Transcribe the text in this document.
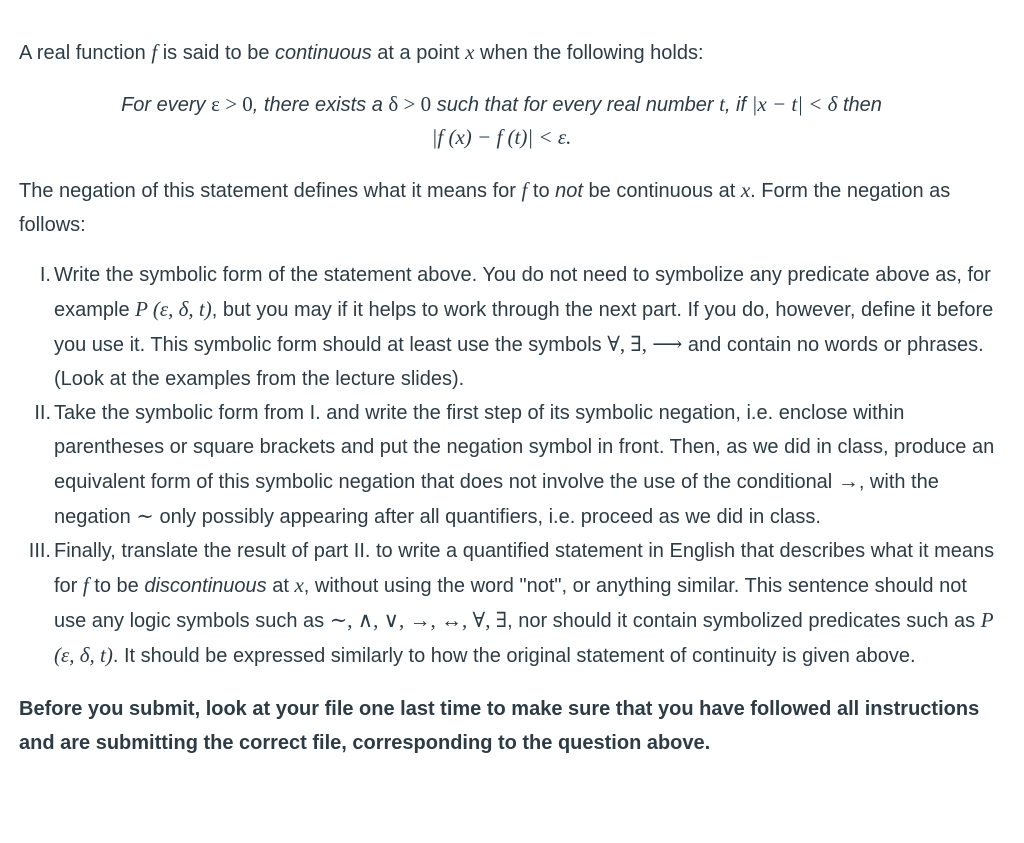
A real function f is said to be continuous at a point x when the following holds:

For every ε > 0, there exists a δ > 0 such that for every real number t, if |x − t| < δ then
|f (x) − f (t)| < ε.

The negation of this statement defines what it means for f to not be continuous at x. Form the negation as follows:

I. Write the symbolic form of the statement above. You do not need to symbolize any predicate above as, for example P (ε, δ, t), but you may if it helps to work through the next part. If you do, however, define it before you use it. This symbolic form should at least use the symbols ∀, ∃, ⟶ and contain no words or phrases. (Look at the examples from the lecture slides).
II. Take the symbolic form from I. and write the first step of its symbolic negation, i.e. enclose within parentheses or square brackets and put the negation symbol in front. Then, as we did in class, produce an equivalent form of this symbolic negation that does not involve the use of the conditional →, with the negation ∼ only possibly appearing after all quantifiers, i.e. proceed as we did in class.
III. Finally, translate the result of part II. to write a quantified statement in English that describes what it means for f to be discontinuous at x, without using the word "not", or anything similar. This sentence should not use any logic symbols such as ∼, ∧, ∨, →, ↔, ∀, ∃, nor should it contain symbolized predicates such as P (ε, δ, t). It should be expressed similarly to how the original statement of continuity is given above.

Before you submit, look at your file one last time to make sure that you have followed all instructions and are submitting the correct file, corresponding to the question above.
